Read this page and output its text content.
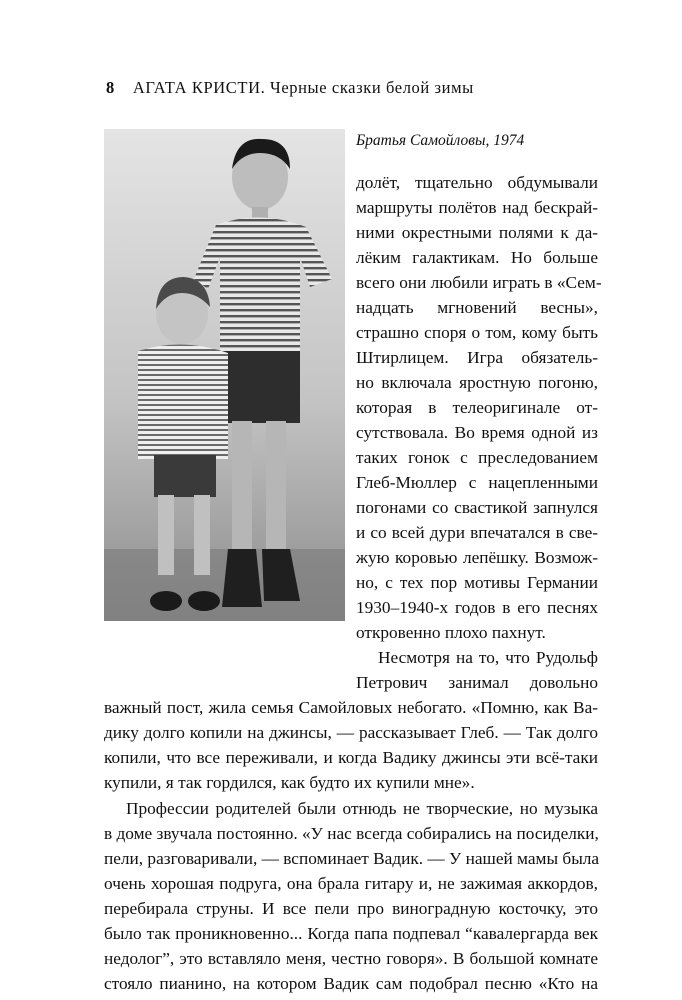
8 АГАТА КРИСТИ. Черные сказки белой зимы
Братья Самойловы, 1974
долёт, тщательно обдумывали
маршруты полётов над бескрай-
ними окрестными полями к да-
лёким галактикам. Но больше
всего они любили играть в «Сем-
надцать мгновений весны»,
страшно споря о том, кому быть
Штирлицем. Игра обязатель-
но включала яростную погоню,
которая в телеоригинале от-
сутствовала. Во время одной из
таких гонок с преследованием
Глеб-Мюллер с нацепленными
погонами со свастикой запнулся
и со всей дури впечатался в све-
жую коровью лепёшку. Возмож-
но, с тех пор мотивы Германии
1930–1940-х годов в его песнях
откровенно плохо пахнут.
Несмотря на то, что Рудольф
Петрович занимал довольно
важный пост, жила семья Самойловых небогато. «Помню, как Ва-
дику долго копили на джинсы, — рассказывает Глеб. — Так долго
копили, что все переживали, и когда Вадику джинсы эти всё-таки
купили, я так гордился, как будто их купили мне».
Профессии родителей были отнюдь не творческие, но музыка
в доме звучала постоянно. «У нас всегда собирались на посиделки,
пели, разговаривали, — вспоминает Вадик. — У нашей мамы была
очень хорошая подруга, она брала гитару и, не зажимая аккордов,
перебирала струны. И все пели про виноградную косточку, это
было так проникновенно... Когда папа подпевал “кавалергарда век
недолог”, это вставляло меня, честно говоря». В большой комнате
стояло пианино, на котором Вадик сам подобрал песню «Кто на
